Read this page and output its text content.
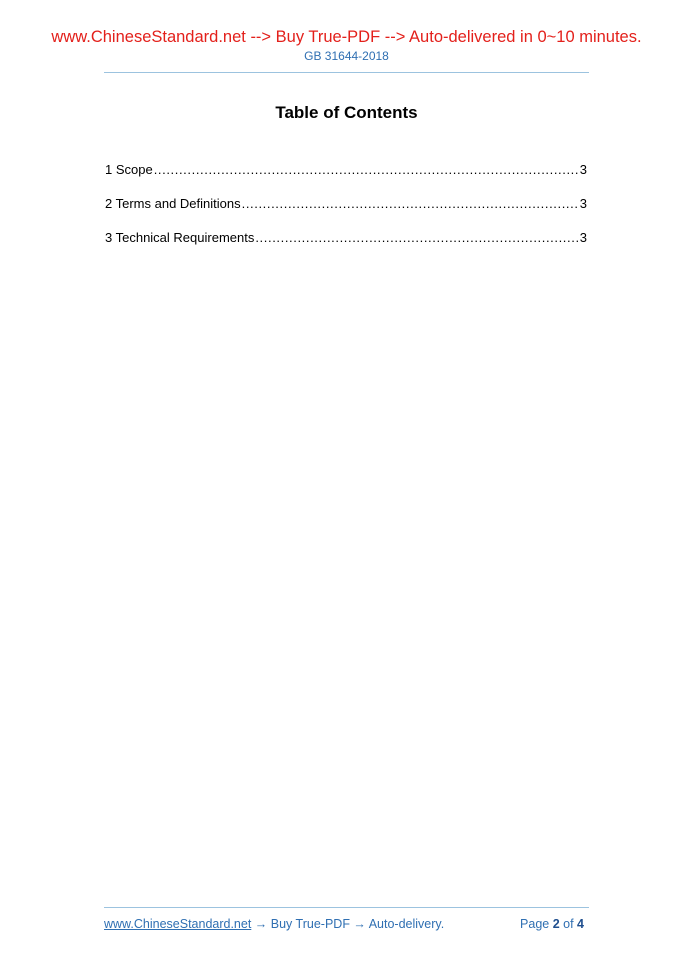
www.ChineseStandard.net --> Buy True-PDF --> Auto-delivered in 0~10 minutes.
GB 31644-2018
Table of Contents
1 Scope .....	3
2 Terms and Definitions .....	3
3 Technical Requirements .....	3
www.ChineseStandard.net → Buy True-PDF → Auto-delivery.	Page 2 of 4
